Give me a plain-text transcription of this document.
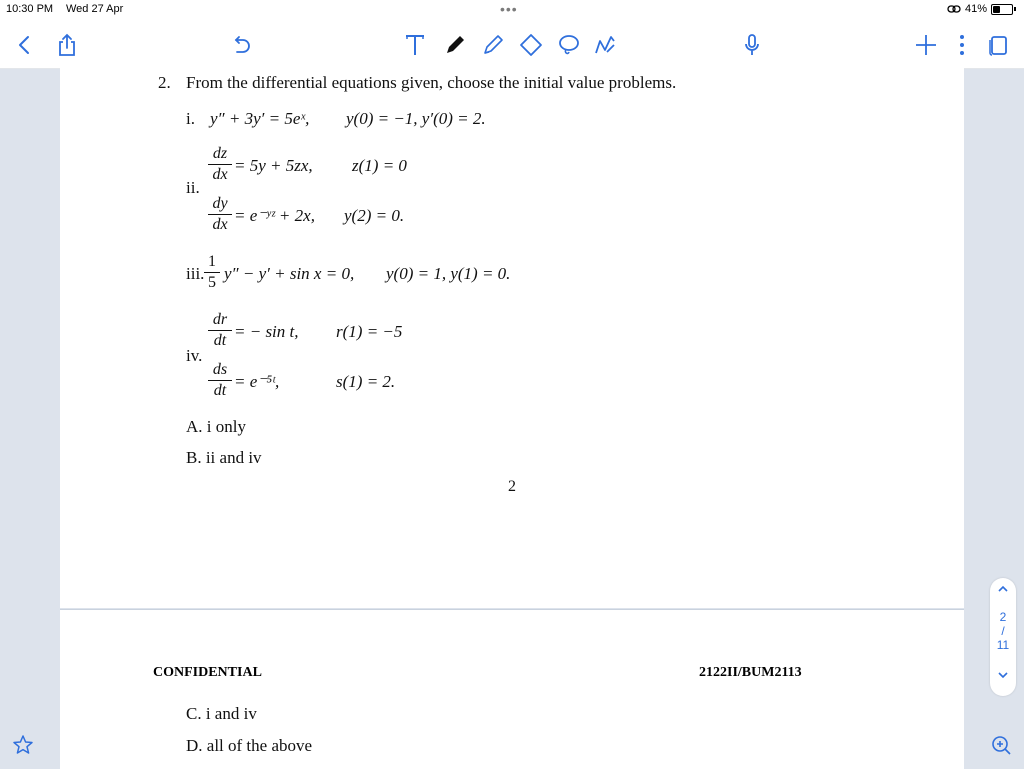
10:30 PM Wed 27 Apr	•••	41%
2. From the differential equations given, choose the initial value problems.
i. y″ + 3y′ = 5eˣ, y(0) = −1, y′(0) = 2.
ii.
dz
dx = 5y + 5zx, z(1) = 0
dy
dx = e⁻ʸᶻ + 2x, y(2) = 0.
iii.
1
5 y″ − y′ + sin x = 0, y(0) = 1, y(1) = 0.
iv.
dr
dt = − sin t, r(1) = −5
ds
dt = e⁻⁵ᵗ,	s(1) = 2.
A. i only
B. ii and iv
2
CONFIDENTIAL	2122II/BUM2113
C. i and iv
D. all of the above
2
/
11
